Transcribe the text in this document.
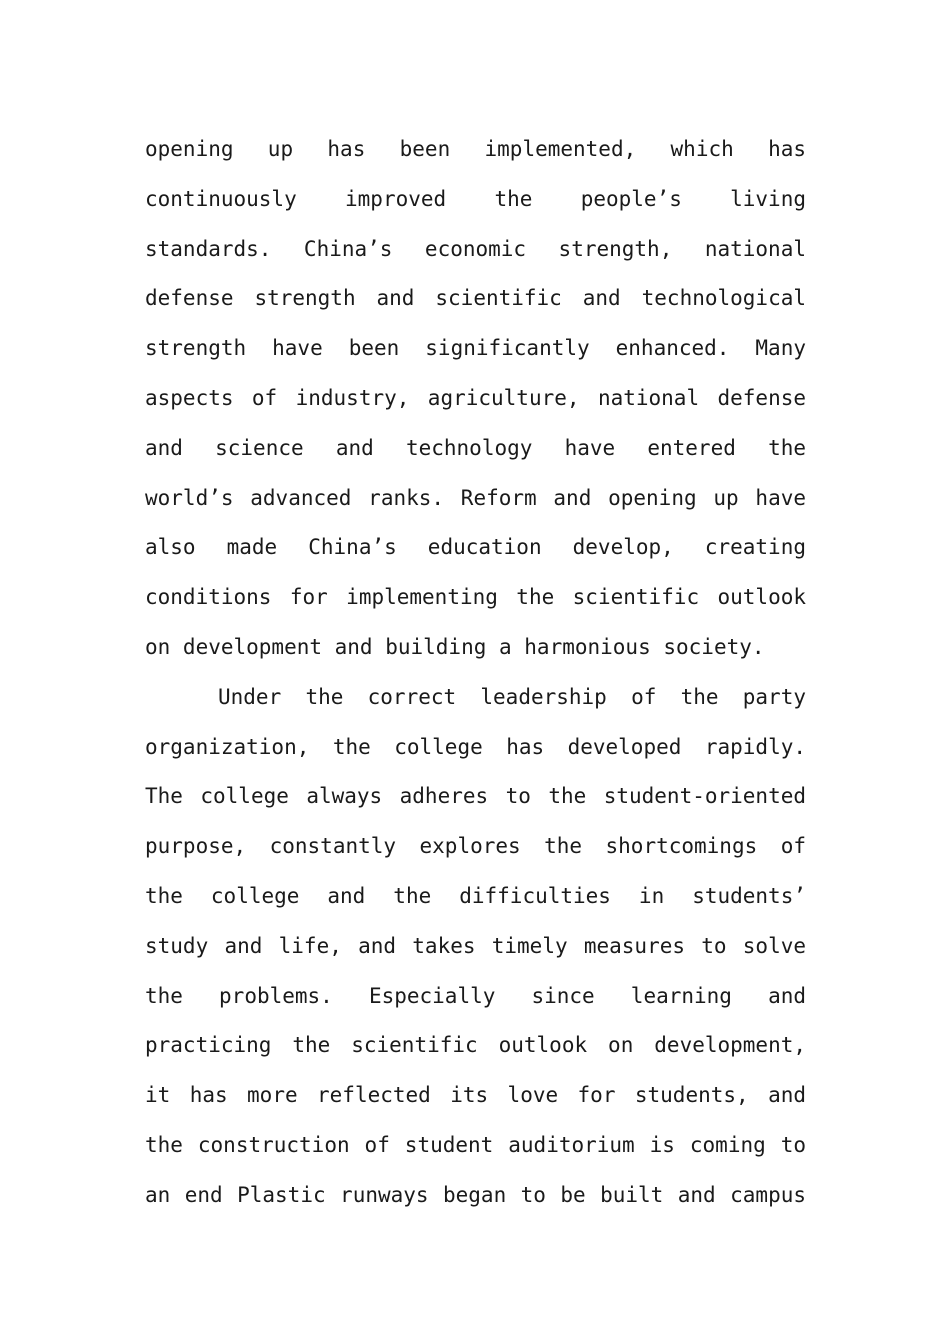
opening up has been implemented, which has
continuously improved the people’s living
standards. China’s economic strength, national
defense strength and scientific and technological
strength have been significantly enhanced. Many
aspects of industry, agriculture, national defense
and science and technology have entered the
world’s advanced ranks. Reform and opening up have
also made China’s education develop, creating
conditions for implementing the scientific outlook
on development and building a harmonious society.
Under the correct leadership of the party
organization, the college has developed rapidly.
The college always adheres to the student-oriented
purpose, constantly explores the shortcomings of
the college and the difficulties in students’
study and life, and takes timely measures to solve
the problems. Especially since learning and
practicing the scientific outlook on development,
it has more reflected its love for students, and
the construction of student auditorium is coming to
an end Plastic runways began to be built and campus
